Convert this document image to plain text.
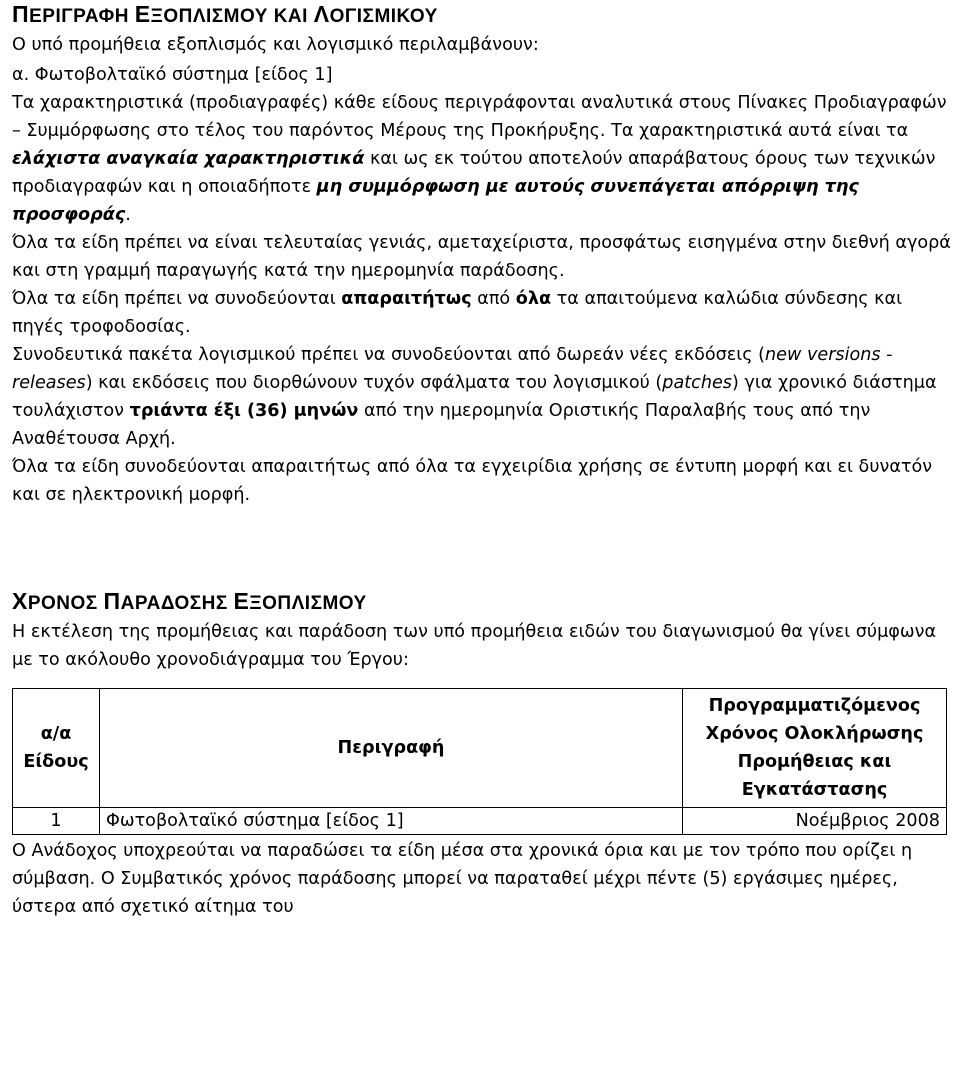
ΠΕΡΙΓΡΑΦΗ ΕΞΟΠΛΙΣΜΟΥ ΚΑΙ ΛΟΓΙΣΜΙΚΟΥ

Ο υπό προμήθεια εξοπλισμός και λογισμικό περιλαμβάνουν:

α. Φωτοβολταϊκό σύστημα [είδος 1]

Τα χαρακτηριστικά (προδιαγραφές) κάθε είδους περιγράφονται αναλυτικά στους Πίνακες Προδιαγραφών – Συμμόρφωσης στο τέλος του παρόντος Μέρους της Προκήρυξης. Τα χαρακτηριστικά αυτά είναι τα ελάχιστα αναγκαία χαρακτηριστικά και ως εκ τούτου αποτελούν απαράβατους όρους των τεχνικών προδιαγραφών και η οποιαδήποτε μη συμμόρφωση με αυτούς συνεπάγεται απόρριψη της προσφοράς.

Όλα τα είδη πρέπει να είναι τελευταίας γενιάς, αμεταχείριστα, προσφάτως εισηγμένα στην διεθνή αγορά και στη γραμμή παραγωγής κατά την ημερομηνία παράδοσης.

Όλα τα είδη πρέπει να συνοδεύονται απαραιτήτως από όλα τα απαιτούμενα καλώδια σύνδεσης και πηγές τροφοδοσίας.

Συνοδευτικά πακέτα λογισμικού πρέπει να συνοδεύονται από δωρεάν νέες εκδόσεις (new versions - releases) και εκδόσεις που διορθώνουν τυχόν σφάλματα του λογισμικού (patches) για χρονικό διάστημα τουλάχιστον τριάντα έξι (36) μηνών από την ημερομηνία Οριστικής Παραλαβής τους από την Αναθέτουσα Αρχή.

Όλα τα είδη συνοδεύονται απαραιτήτως από όλα τα εγχειρίδια χρήσης σε έντυπη μορφή και ει δυνατόν και σε ηλεκτρονική μορφή.

ΧΡΟΝΟΣ ΠΑΡΑΔΟΣΗΣ ΕΞΟΠΛΙΣΜΟΥ

Η εκτέλεση της προμήθειας και παράδοση των υπό προμήθεια ειδών του διαγωνισμού θα γίνει σύμφωνα με το ακόλουθο χρονοδιάγραμμα του Έργου:

α/α Είδους	Περιγραφή	Προγραμματιζόμενος Χρόνος Ολοκλήρωσης Προμήθειας και Εγκατάστασης
1	Φωτοβολταϊκό σύστημα [είδος 1]	Νοέμβριος 2008

Ο Ανάδοχος υποχρεούται να παραδώσει τα είδη μέσα στα χρονικά όρια και με τον τρόπο που ορίζει η σύμβαση. Ο Συμβατικός χρόνος παράδοσης μπορεί να παραταθεί μέχρι πέντε (5) εργάσιμες ημέρες, ύστερα από σχετικό αίτημα του
